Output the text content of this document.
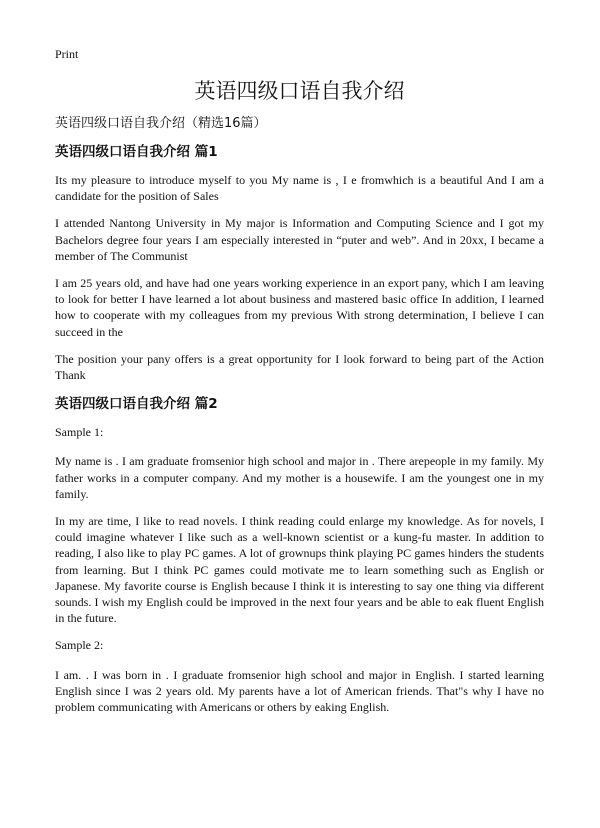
Print
英语四级口语自我介绍
英语四级口语自我介绍（精选16篇）
英语四级口语自我介绍 篇1

Its my pleasure to introduce myself to you My name is , I e fromwhich is a beautiful And I am a candidate for the position of Sales

I attended Nantong University in My major is Information and Computing Science and I got my Bachelors degree four years I am especially interested in “puter and web”. And in 20xx, I became a member of The Communist

I am 25 years old, and have had one years working experience in an export pany, which I am leaving to look for better I have learned a lot about business and mastered basic office In addition, I learned how to cooperate with my colleagues from my previous With strong determination, I believe I can succeed in the

The position your pany offers is a great opportunity for I look forward to being part of the Action Thank

英语四级口语自我介绍 篇2

Sample 1:

My name is . I am graduate fromsenior high school and major in . There arepeople in my family. My father works in a computer company. And my mother is a housewife. I am the youngest one in my family.

In my are time, I like to read novels. I think reading could enlarge my knowledge. As for novels, I could imagine whatever I like such as a well-known scientist or a kung-fu master. In addition to reading, I also like to play PC games. A lot of grownups think playing PC games hinders the students from learning. But I think PC games could motivate me to learn something such as English or Japanese. My favorite course is English because I think it is interesting to say one thing via different sounds. I wish my English could be improved in the next four years and be able to eak fluent English in the future.

Sample 2:

I am. . I was born in . I graduate fromsenior high school and major in English. I started learning English since I was 2 years old. My parents have a lot of American friends. That"s why I have no problem communicating with Americans or others by eaking English.
